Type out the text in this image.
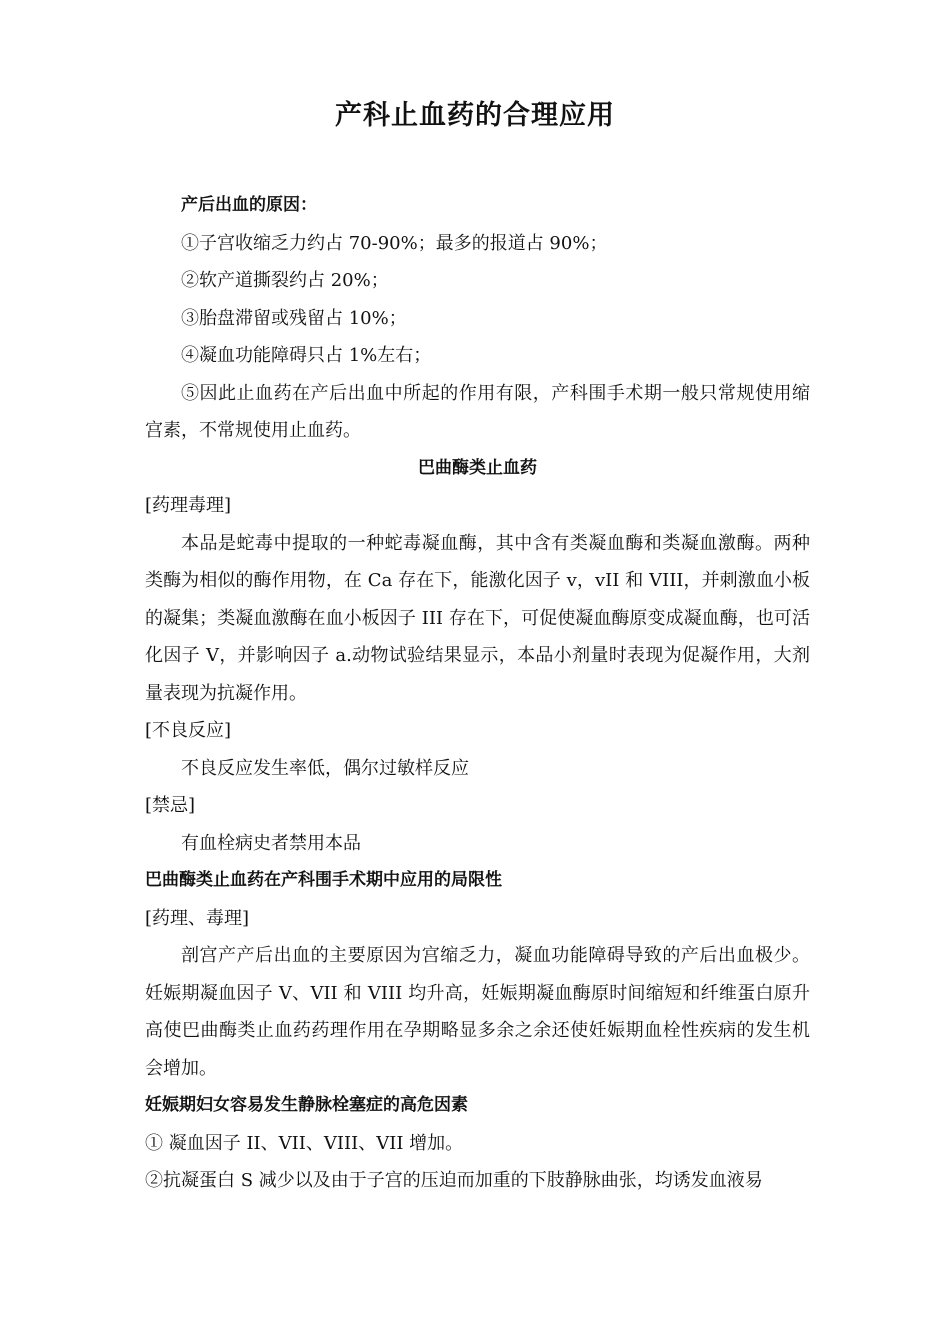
产科止血药的合理应用

产后出血的原因：

①子宫收缩乏力约占 70-90%；最多的报道占 90%；

②软产道撕裂约占 20%；

③胎盘滞留或残留占 10%；

④凝血功能障碍只占 1%左右；

⑤因此止血药在产后出血中所起的作用有限，产科围手术期一般只常规使用缩宫素，不常规使用止血药。

巴曲酶类止血药

[药理毒理]

本品是蛇毒中提取的一种蛇毒凝血酶，其中含有类凝血酶和类凝血激酶。两种类酶为相似的酶作用物，在 Ca 存在下，能激化因子 v，vII 和 VIII，并刺激血小板的凝集；类凝血激酶在血小板因子 III 存在下，可促使凝血酶原变成凝血酶，也可活化因子 V，并影响因子 a.动物试验结果显示，本品小剂量时表现为促凝作用，大剂量表现为抗凝作用。

[不良反应]

不良反应发生率低，偶尔过敏样反应

[禁忌]

有血栓病史者禁用本品

巴曲酶类止血药在产科围手术期中应用的局限性

[药理、毒理]

剖宫产产后出血的主要原因为宫缩乏力，凝血功能障碍导致的产后出血极少。妊娠期凝血因子 V、VII 和 VIII 均升高，妊娠期凝血酶原时间缩短和纤维蛋白原升高使巴曲酶类止血药药理作用在孕期略显多余之余还使妊娠期血栓性疾病的发生机会增加。

妊娠期妇女容易发生静脉栓塞症的高危因素

① 凝血因子 II、VII、VIII、VII 增加。

②抗凝蛋白 S 减少以及由于子宫的压迫而加重的下肢静脉曲张，均诱发血液易
